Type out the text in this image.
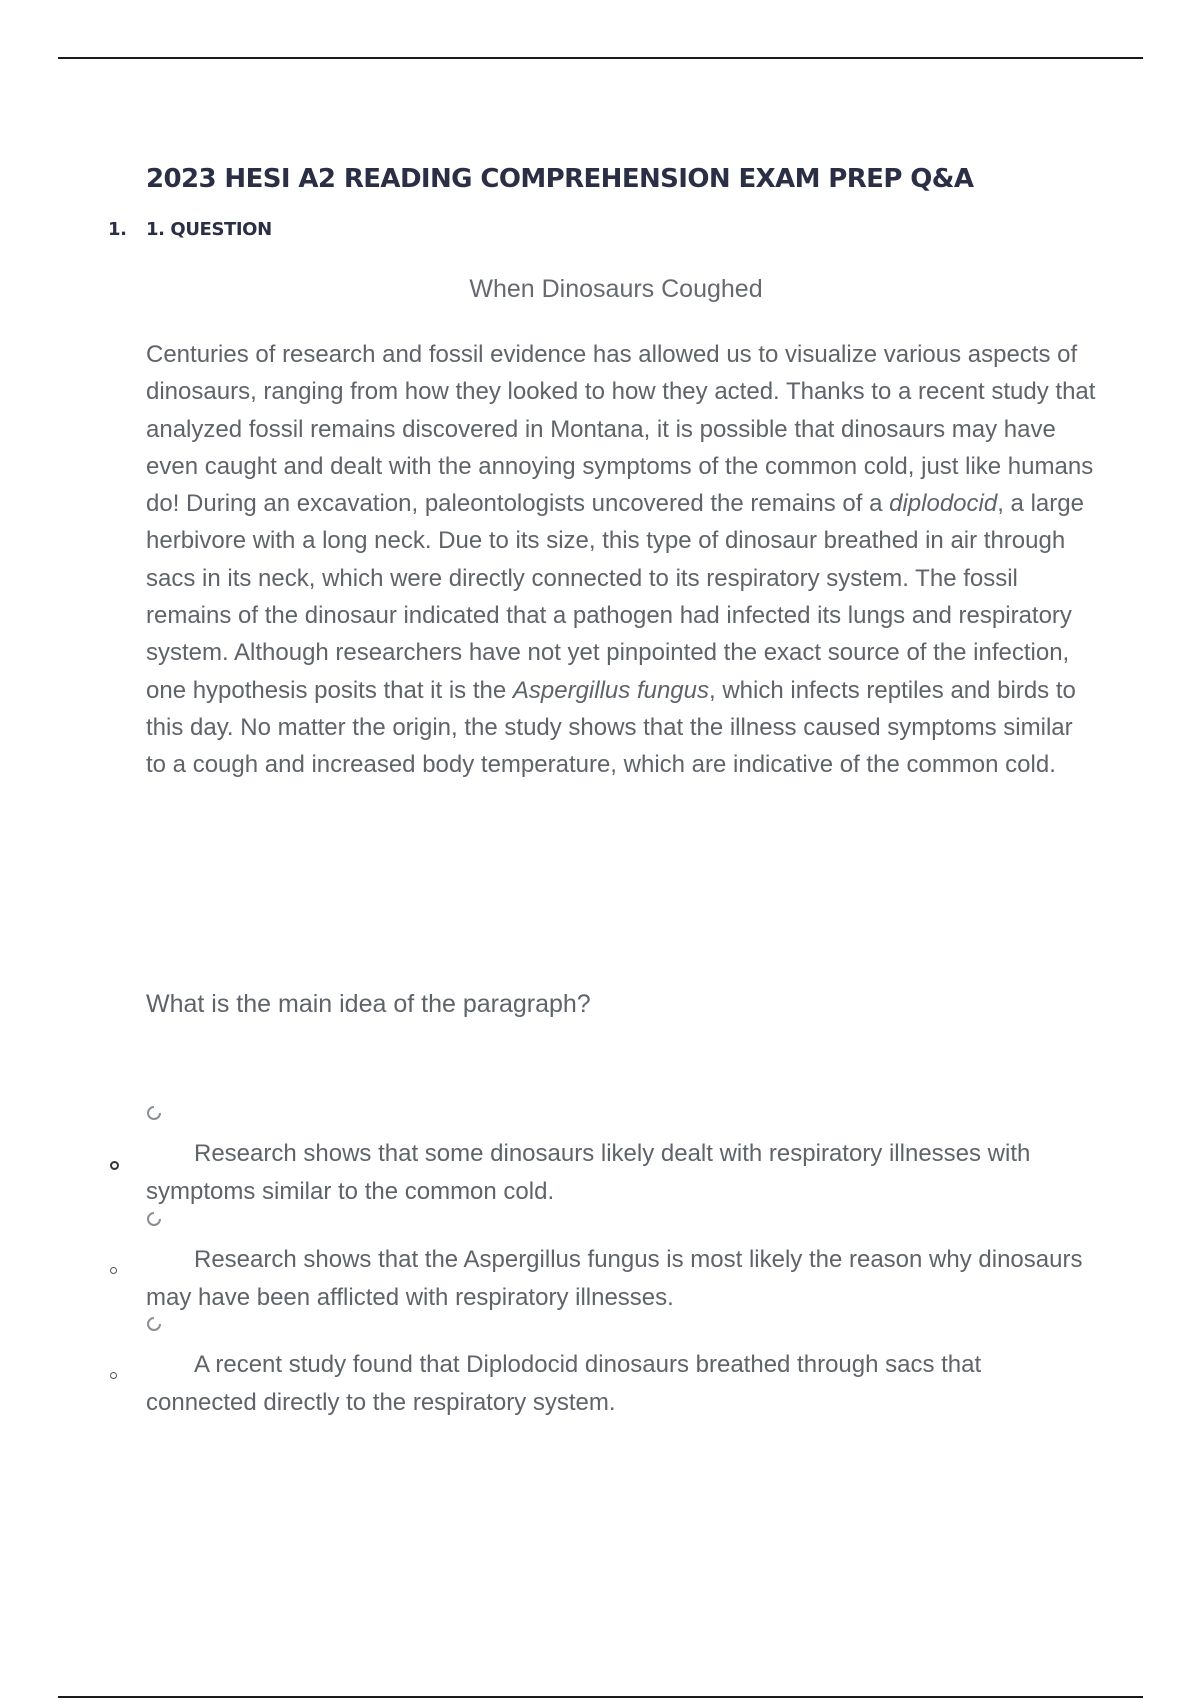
2023 HESI A2 READING COMPREHENSION EXAM PREP Q&A
1. 1. QUESTION
When Dinosaurs Coughed

Centuries of research and fossil evidence has allowed us to visualize various aspects of dinosaurs, ranging from how they looked to how they acted. Thanks to a recent study that analyzed fossil remains discovered in Montana, it is possible that dinosaurs may have even caught and dealt with the annoying symptoms of the common cold, just like humans do! During an excavation, paleontologists uncovered the remains of a diplodocid, a large herbivore with a long neck. Due to its size, this type of dinosaur breathed in air through sacs in its neck, which were directly connected to its respiratory system. The fossil remains of the dinosaur indicated that a pathogen had infected its lungs and respiratory system. Although researchers have not yet pinpointed the exact source of the infection, one hypothesis posits that it is the Aspergillus fungus, which infects reptiles and birds to this day. No matter the origin, the study shows that the illness caused symptoms similar to a cough and increased body temperature, which are indicative of the common cold.

What is the main idea of the paragraph?
Research shows that some dinosaurs likely dealt with respiratory illnesses with symptoms similar to the common cold.
Research shows that the Aspergillus fungus is most likely the reason why dinosaurs may have been afflicted with respiratory illnesses.
A recent study found that Diplodocid dinosaurs breathed through sacs that connected directly to the respiratory system.
